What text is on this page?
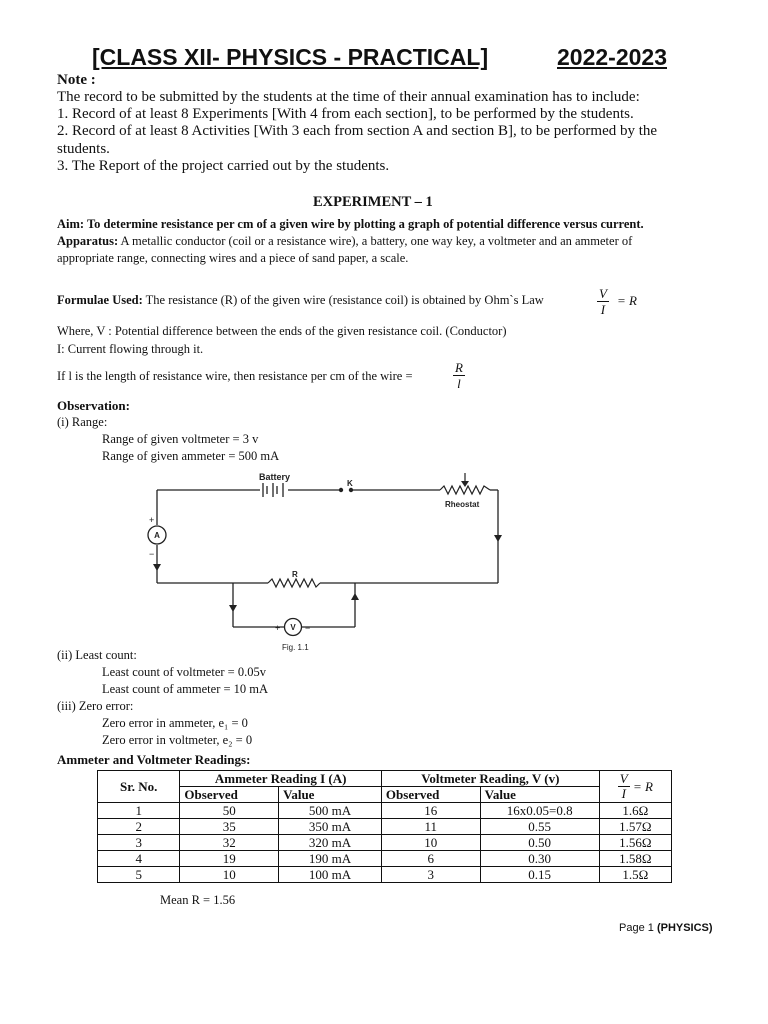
[CLASS XII- PHYSICS - PRACTICAL]	2022-2023
Note :
The record to be submitted by the students at the time of their annual examination has to include:
1. Record of at least 8 Experiments [With 4 from each section], to be performed by the students.
2. Record of at least 8 Activities [With 3 each from section A and section B], to be performed by the
students.
3. The Report of the project carried out by the students.
EXPERIMENT – 1
Aim: To determine resistance per cm of a given wire by plotting a graph of potential difference versus current.
Apparatus: A metallic conductor (coil or a resistance wire), a battery, one way key, a voltmeter and an ammeter of
appropriate range, connecting wires and a piece of sand paper, a scale.
Formulae Used: The resistance (R) of the given wire (resistance coil) is obtained by Ohm`s Law	$\frac{V}{I} = R$
Where, V : Potential difference between the ends of the given resistance coil. (Conductor)
I: Current flowing through it.
If l is the length of resistance wire, then resistance per cm of the wire =	$\frac{R}{l}$
Observation:
(i) Range:
Range of given voltmeter = 3 v
Range of given ammeter = 500 mA
Battery
K
Rheostat
R
A
V
+
−
+	−
Fig. 1.1
(ii) Least count:
Least count of voltmeter = 0.05v
Least count of ammeter = 10 mA
(iii) Zero error:
Zero error in ammeter, e₁ = 0
Zero error in voltmeter, e₂ = 0
Ammeter and Voltmeter Readings:
Sr. No.	Ammeter Reading I (A)		Voltmeter Reading, V (v)		$\frac{V}{I} = R$
	Observed	Value	Observed	Value	
1	50	500 mA	16	16x0.05=0.8	1.6Ω
2	35	350 mA	11	0.55	1.57Ω
3	32	320 mA	10	0.50	1.56Ω
4	19	190 mA	6	0.30	1.58Ω
5	10	100 mA	3	0.15	1.5Ω
Mean R = 1.56
Page 1 (PHYSICS)
